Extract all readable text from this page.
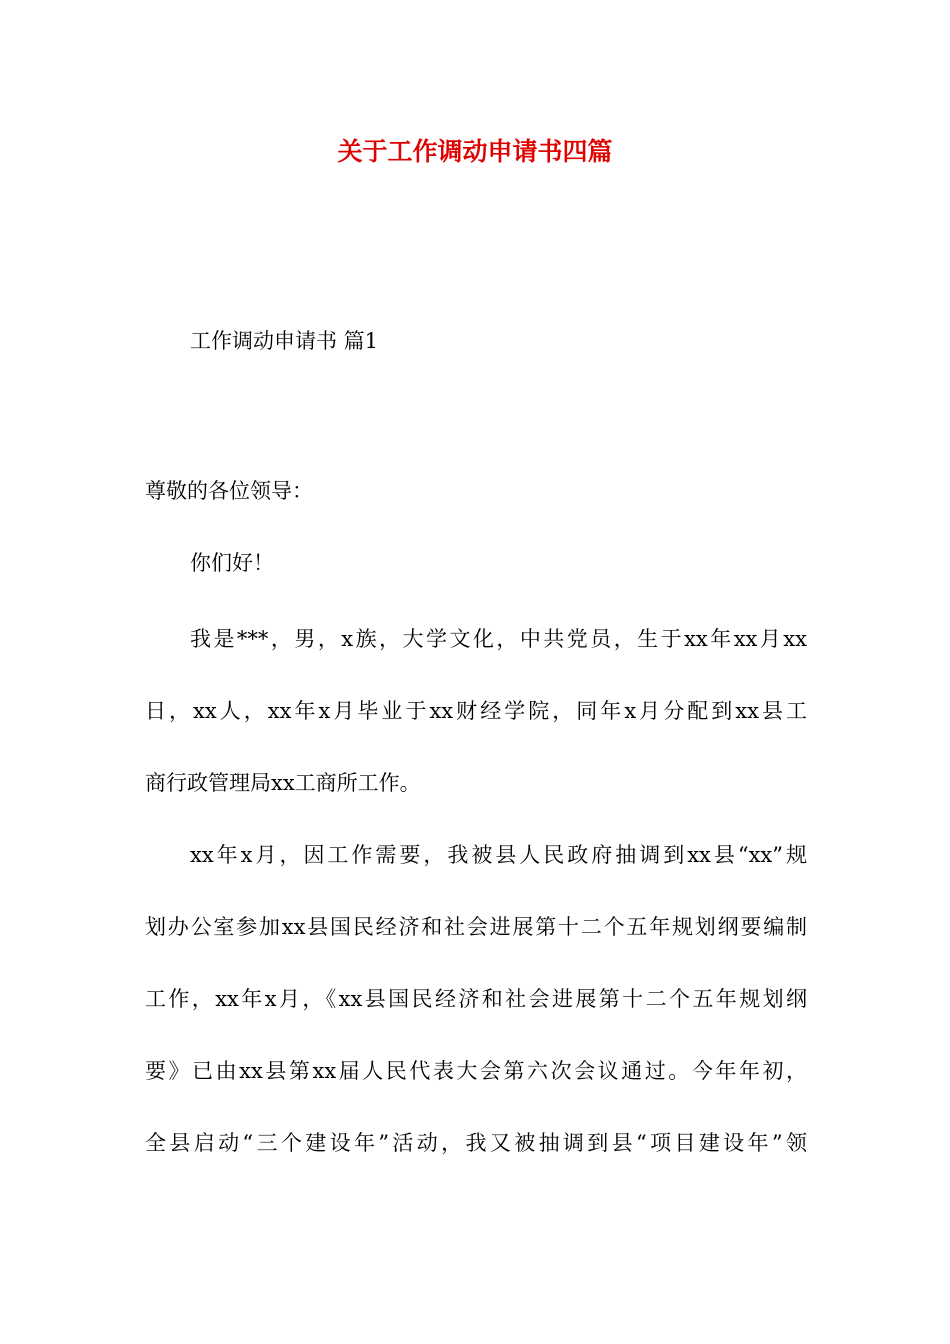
关于工作调动申请书四篇

工作调动申请书 篇1

尊敬的各位领导：

你们好！

我是***，男，x族，大学文化，中共党员，生于xx年xx月xx
日，xx人，xx年x月毕业于xx财经学院，同年x月分配到xx县工
商行政管理局xx工商所工作。
xx年x月，因工作需要，我被县人民政府抽调到xx县“xx”规
划办公室参加xx县国民经济和社会进展第十二个五年规划纲要编制
工作，xx年x月，《xx县国民经济和社会进展第十二个五年规划纲
要》已由xx县第xx届人民代表大会第六次会议通过。今年年初，
全县启动“三个建设年”活动，我又被抽调到县“项目建设年”领
